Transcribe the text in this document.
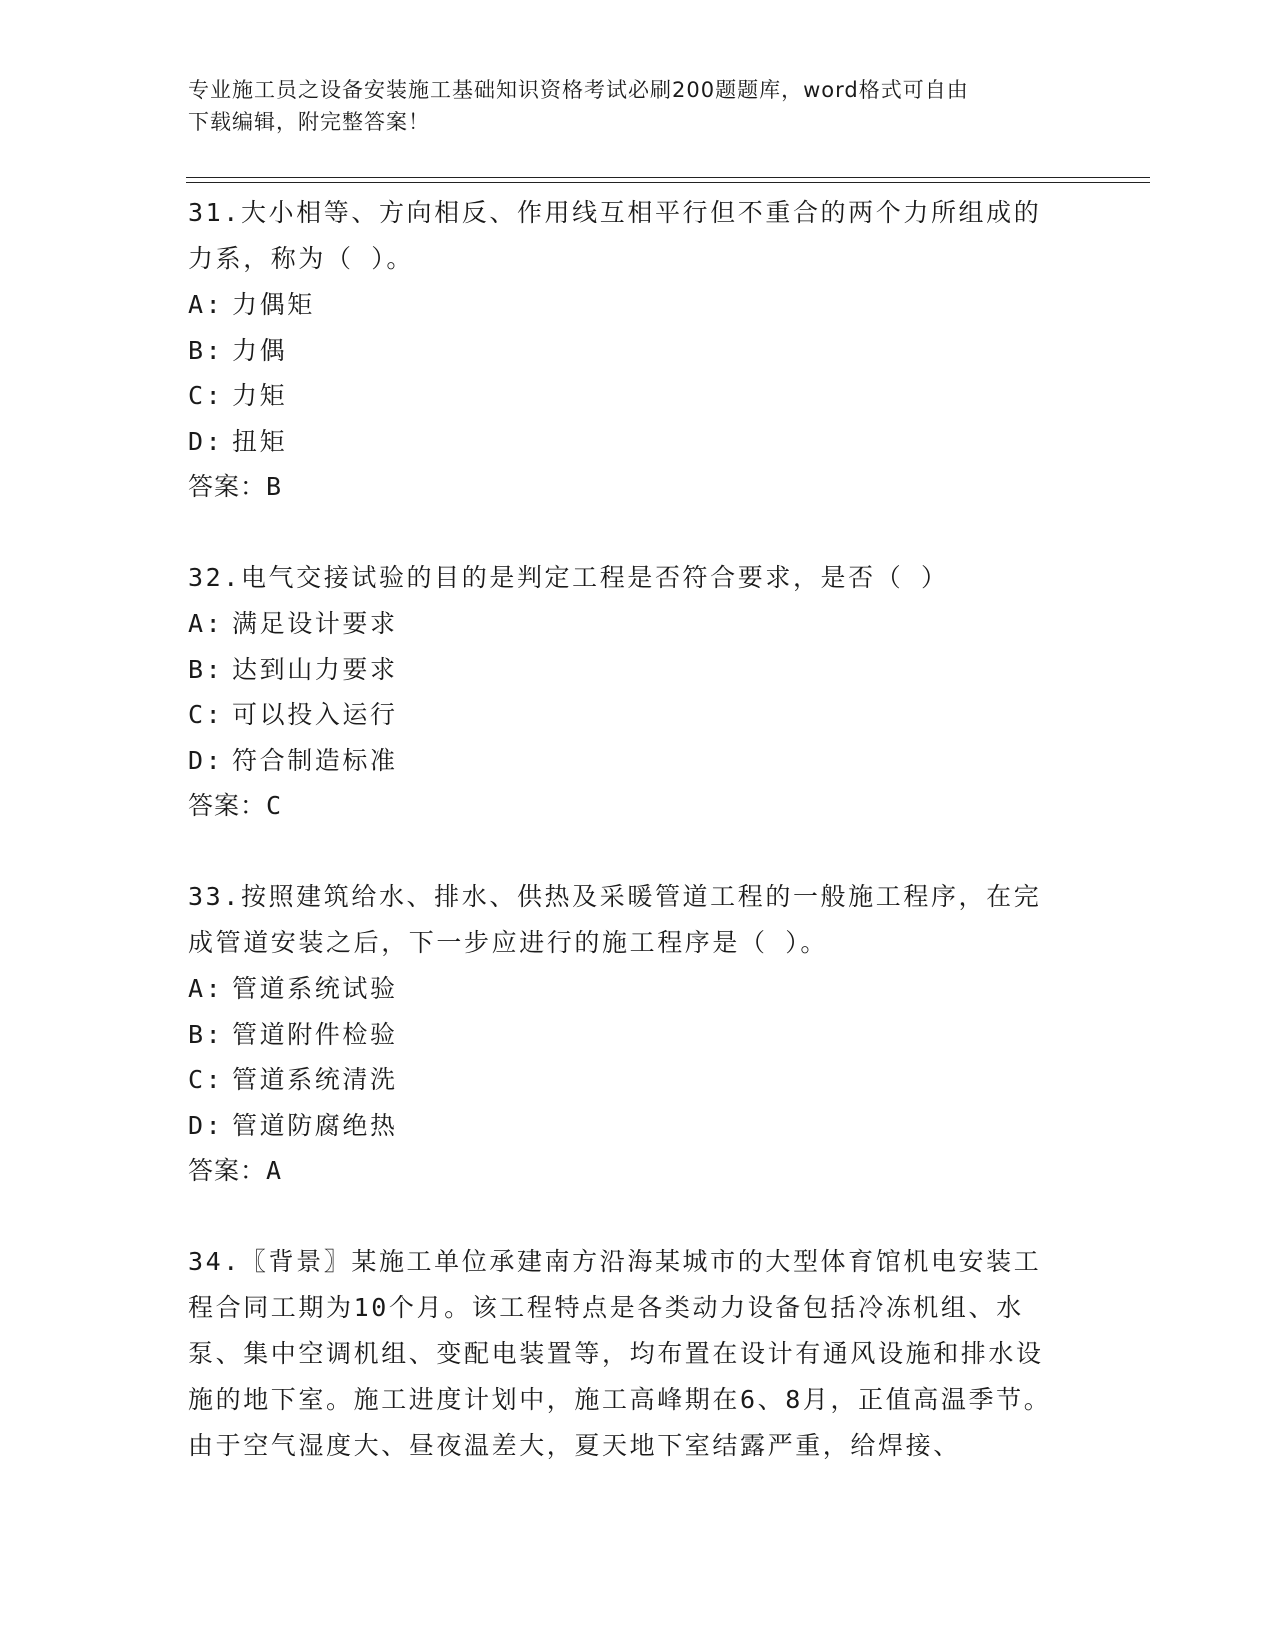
专业施工员之设备安装施工基础知识资格考试必刷200题题库，word格式可自由
下载编辑，附完整答案！
31.大小相等、方向相反、作用线互相平行但不重合的两个力所组成的力系，称为（ ）。
A: 力偶矩
B: 力偶
C: 力矩
D: 扭矩
答案：B
32.电气交接试验的目的是判定工程是否符合要求，是否（ ）
A: 满足设计要求
B: 达到山力要求
C: 可以投入运行
D: 符合制造标准
答案：C
33.按照建筑给水、排水、供热及采暖管道工程的一般施工程序，在完成管道安装之后，下一步应进行的施工程序是（ ）。
A: 管道系统试验
B: 管道附件检验
C: 管道系统清洗
D: 管道防腐绝热
答案：A
34.〖背景〗某施工单位承建南方沿海某城市的大型体育馆机电安装工程合同工期为10个月。该工程特点是各类动力设备包括冷冻机组、水泵、集中空调机组、变配电装置等，均布置在设计有通风设施和排水设施的地下室。施工进度计划中，施工高峰期在6、8月，正值高温季节。由于空气湿度大、昼夜温差大，夏天地下室结露严重，给焊接、
